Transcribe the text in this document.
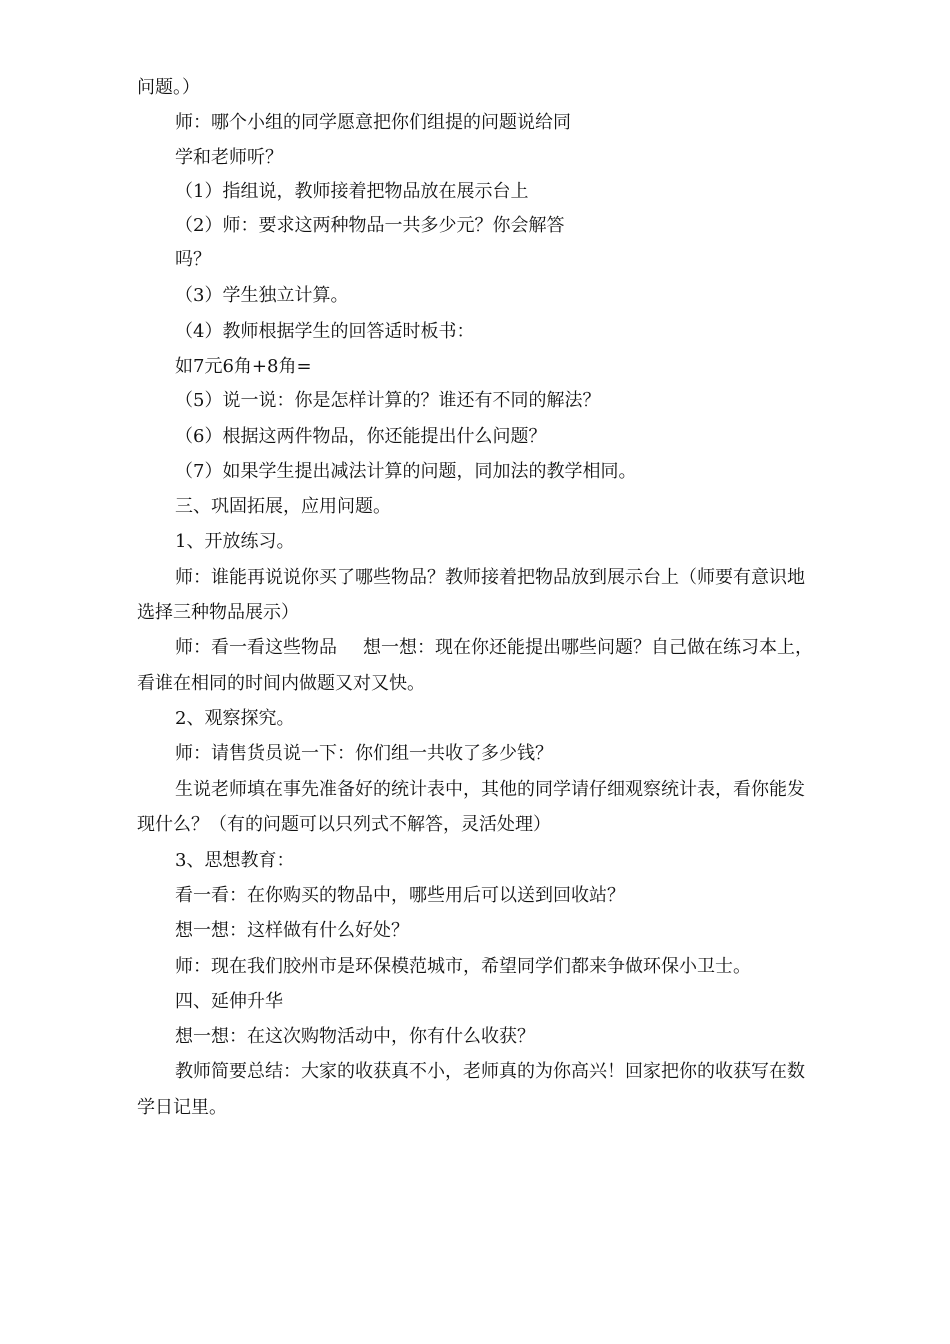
问题。）
师：哪个小组的同学愿意把你们组提的问题说给同
学和老师听？
（1）指组说，教师接着把物品放在展示台上
（2）师：要求这两种物品一共多少元？你会解答
吗？
（3）学生独立计算。
（4）教师根据学生的回答适时板书：
如7元6角+8角=
（5）说一说：你是怎样计算的？谁还有不同的解法？
（6）根据这两件物品，你还能提出什么问题？
（7）如果学生提出减法计算的问题，同加法的教学相同。
三、巩固拓展，应用问题。
1、开放练习。
师：谁能再说说你买了哪些物品？教师接着把物品放到展示台上（师要有意识地
选择三种物品展示）
师：看一看这些物品 想一想：现在你还能提出哪些问题？自己做在练习本上，
看谁在相同的时间内做题又对又快。
2、观察探究。
师：请售货员说一下：你们组一共收了多少钱？
生说老师填在事先准备好的统计表中，其他的同学请仔细观察统计表，看你能发
现什么？（有的问题可以只列式不解答，灵活处理）
3、思想教育：
看一看：在你购买的物品中，哪些用后可以送到回收站？
想一想：这样做有什么好处？
师：现在我们胶州市是环保模范城市，希望同学们都来争做环保小卫士。
四、延伸升华
想一想：在这次购物活动中，你有什么收获？
教师简要总结：大家的收获真不小，老师真的为你高兴！回家把你的收获写在数
学日记里。
